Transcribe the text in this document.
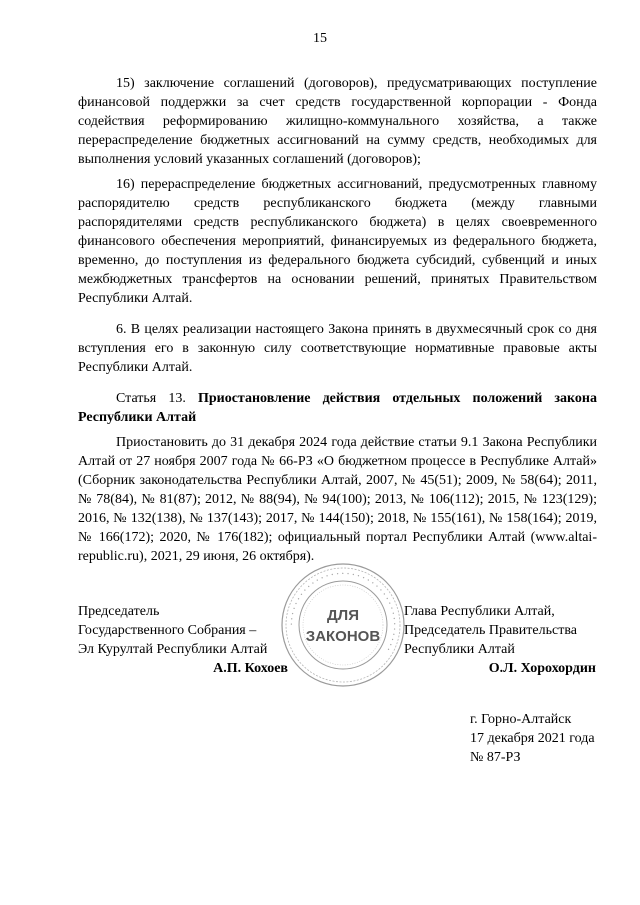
15

15) заключение соглашений (договоров), предусматривающих поступление финансовой поддержки за счет средств государственной корпорации - Фонда содействия реформированию жилищно-коммунального хозяйства, а также перераспределение бюджетных ассигнований на сумму средств, необходимых для выполнения условий указанных соглашений (договоров);

16) перераспределение бюджетных ассигнований, предусмотренных главному распорядителю средств республиканского бюджета (между главными распорядителями средств республиканского бюджета) в целях своевременного финансового обеспечения мероприятий, финансируемых из федерального бюджета, временно, до поступления из федерального бюджета субсидий, субвенций и иных межбюджетных трансфертов на основании решений, принятых Правительством Республики Алтай.

6. В целях реализации настоящего Закона принять в двухмесячный срок со дня вступления его в законную силу соответствующие нормативные правовые акты Республики Алтай.

Статья 13. Приостановление действия отдельных положений закона Республики Алтай

Приостановить до 31 декабря 2024 года действие статьи 9.1 Закона Республики Алтай от 27 ноября 2007 года № 66-РЗ «О бюджетном процессе в Республике Алтай» (Сборник законодательства Республики Алтай, 2007, № 45(51); 2009, № 58(64); 2011, № 78(84), № 81(87); 2012, № 88(94), № 94(100); 2013, № 106(112); 2015, № 123(129); 2016, № 132(138), № 137(143); 2017, № 144(150); 2018, № 155(161), № 158(164); 2019, № 166(172); 2020, № 176(182); официальный портал Республики Алтай (www.altai-republic.ru), 2021, 29 июня, 26 октября).

Председатель
Государственного Собрания –
Эл Курултай Республики Алтай
А.П. Кохоев
• • • • • • • • • • • • • • • • • • • • • • • • • • • • • • • • • • • •
ДЛЯ
ЗАКОНОВ
Глава Республики Алтай,
Председатель Правительства
Республики Алтай
О.Л. Хорохордин
г. Горно-Алтайск
17 декабря 2021 года
№ 87-РЗ
